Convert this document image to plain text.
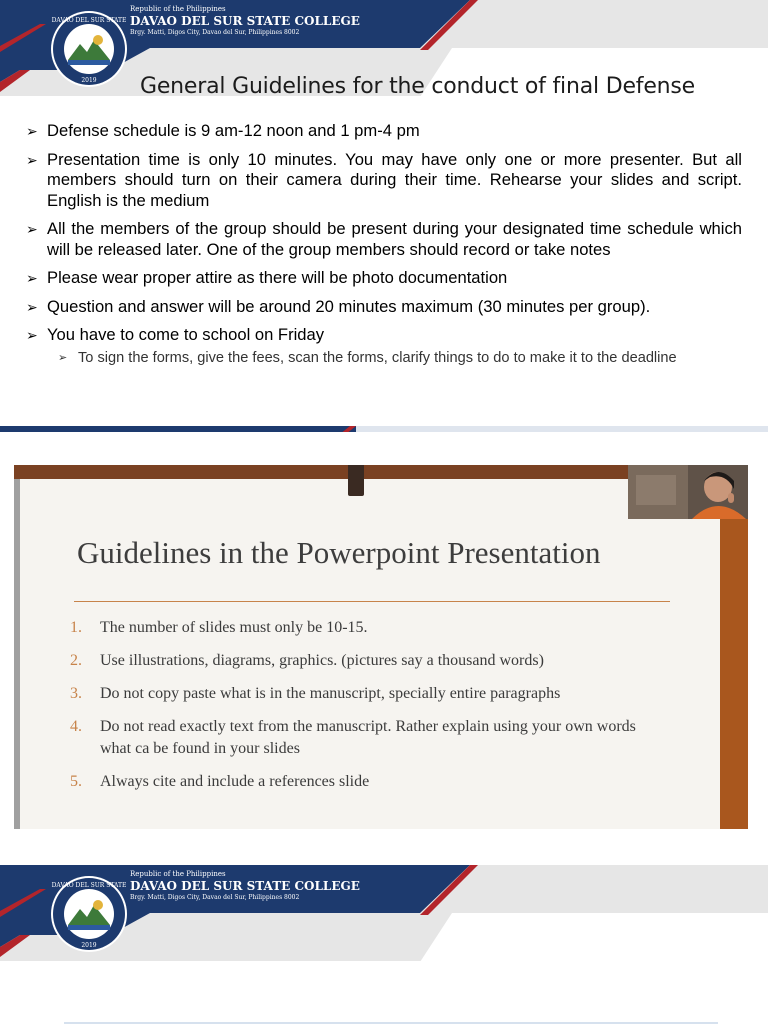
DAVAO DEL SUR STATE
2019
Republic of the Philippines
DAVAO DEL SUR STATE COLLEGE
Brgy. Matti, Digos City, Davao del Sur, Philippines 8002
General Guidelines for the conduct of final Defense
➢ Defense schedule is 9 am-12 noon and 1 pm-4 pm
➢ Presentation time is only 10 minutes. You may have only one or more presenter. But all members should turn on their camera during their time. Rehearse your slides and script. English is the medium
➢ All the members of the group should be present during your designated time schedule which will be released later. One of the group members should record or take notes
➢ Please wear proper attire as there will be photo documentation
➢ Question and answer will be around 20 minutes maximum (30 minutes per group).
➢ You have to come to school on Friday
➢ To sign the forms, give the fees, scan the forms, clarify things to do to make it to the deadline
Guidelines in the Powerpoint Presentation
1. The number of slides must only be 10-15.
2. Use illustrations, diagrams, graphics. (pictures say a thousand words)
3. Do not copy paste what is in the manuscript, specially entire paragraphs
4. Do not read exactly text from the manuscript. Rather explain using your own words what ca be found in your slides
5. Always cite and include a references slide
DAVAO DEL SUR STATE
2019
Republic of the Philippines
DAVAO DEL SUR STATE COLLEGE
Brgy. Matti, Digos City, Davao del Sur, Philippines 8002
